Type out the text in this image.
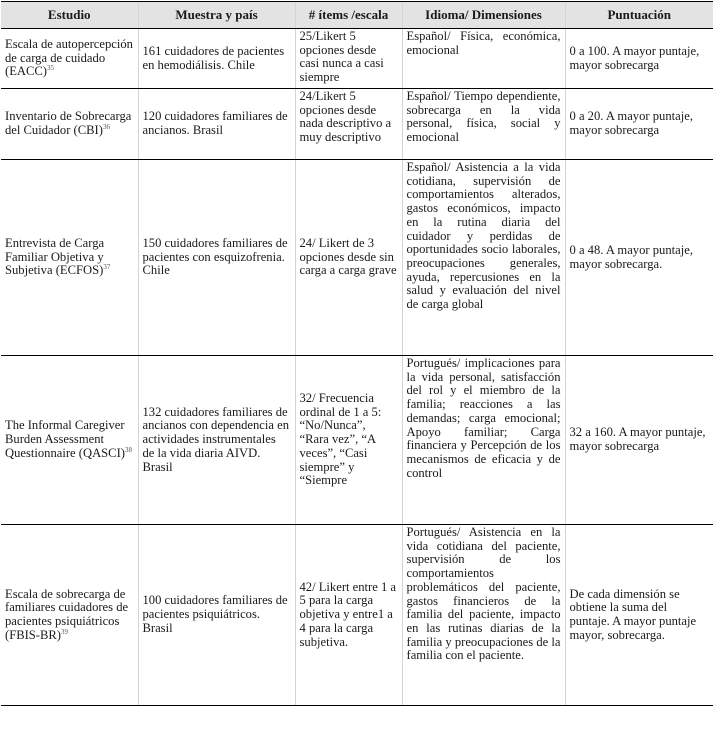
Estudio	Muestra y país	# ítems /escala	Idioma/ Dimensiones	Puntuación
Escala de autopercepción de carga de cuidado (EACC)$^{35}$	161 cuidadores de pacientes en hemodiálisis. Chile	25/Likert 5 opciones desde casi nunca a casi siempre	Español/ Física, económica, emocional	0 a 100. A mayor puntaje, mayor sobrecarga
Inventario de Sobrecarga del Cuidador (CBI)$^{36}$	120 cuidadores familiares de ancianos. Brasil	24/Likert 5 opciones desde nada descriptivo a muy descriptivo	Español/ Tiempo dependiente, sobrecarga en la vida personal, física, social y emocional	0 a 20. A mayor puntaje, mayor sobrecarga
Entrevista de Carga Familiar Objetiva y Subjetiva (ECFOS)$^{37}$	150 cuidadores familiares de pacientes con esquizofrenia. Chile	24/ Likert de 3 opciones desde sin carga a carga grave	Español/ Asistencia a la vida cotidiana, supervisión de comportamientos alterados, gastos económicos, impacto en la rutina diaria del cuidador y perdidas de oportunidades socio laborales, preocupaciones generales, ayuda, repercusiones en la salud y evaluación del nivel de carga global	0 a 48. A mayor puntaje, mayor sobrecarga.
The Informal Caregiver Burden Assessment Questionnaire (QASCI)$^{38}$	132 cuidadores familiares de ancianos con dependencia en actividades instrumentales de la vida diaria AIVD. Brasil	32/ Frecuencia ordinal de 1 a 5: “No/Nunca”, “Rara vez”, “A veces”, “Casi siempre” y “Siempre	Portugués/ implicaciones para la vida personal, satisfacción del rol y el miembro de la familia; reacciones a las demandas; carga emocional; Apoyo familiar; Carga financiera y Percepción de los mecanismos de eficacia y de control	32 a 160. A mayor puntaje, mayor sobrecarga
Escala de sobrecarga de familiares cuidadores de pacientes psiquiátricos (FBIS-BR)$^{39}$	100 cuidadores familiares de pacientes psiquiátricos. Brasil	42/ Likert entre 1 a 5 para la carga objetiva y entre1 a 4 para la carga subjetiva.	Portugués/ Asistencia en la vida cotidiana del paciente, supervisión de los comportamientos problemáticos del paciente, gastos financieros de la familia del paciente, impacto en las rutinas diarias de la familia y preocupaciones de la familia con el paciente.	De cada dimensión se obtiene la suma del puntaje. A mayor puntaje mayor, sobrecarga.
